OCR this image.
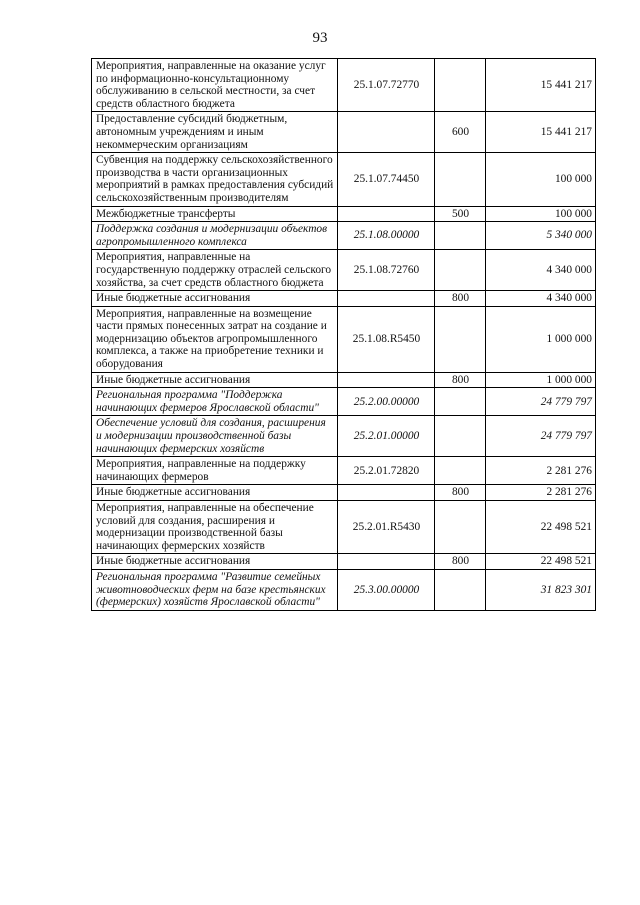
93
Мероприятия, направленные на оказание услуг по информационно-консультационному обслуживанию в сельской местности, за счет средств областного бюджета	25.1.07.72770		15 441 217

Предоставление субсидий бюджетным, автономным учреждениям и иным некоммерческим организациям		600	15 441 217

Субвенция на поддержку сельскохозяйственного производства в части организационных мероприятий в рамках предоставления субсидий сельскохозяйственным производителям	25.1.07.74450		100 000

Межбюджетные трансферты		500	100 000

Поддержка создания и модернизации объектов агропромышленного комплекса	25.1.08.00000		5 340 000

Мероприятия, направленные на государственную поддержку отраслей сельского хозяйства, за счет средств областного бюджета	25.1.08.72760		4 340 000

Иные бюджетные ассигнования		800	4 340 000

Мероприятия, направленные на возмещение части прямых понесенных затрат на создание и модернизацию объектов агропромышленного комплекса, а также на приобретение техники и оборудования	25.1.08.R5450		1 000 000

Иные бюджетные ассигнования		800	1 000 000

Региональная программа "Поддержка начинающих фермеров Ярославской области"	25.2.00.00000		24 779 797

Обеспечение условий для создания, расширения и модернизации производственной базы начинающих фермерских хозяйств	25.2.01.00000		24 779 797

Мероприятия, направленные на поддержку начинающих фермеров	25.2.01.72820		2 281 276

Иные бюджетные ассигнования		800	2 281 276

Мероприятия, направленные на обеспечение условий для создания, расширения и модернизации производственной базы начинающих фермерских хозяйств	25.2.01.R5430		22 498 521

Иные бюджетные ассигнования		800	22 498 521

Региональная программа "Развитие семейных животноводческих ферм на базе крестьянских (фермерских) хозяйств Ярославской области"	25.3.00.00000		31 823 301
